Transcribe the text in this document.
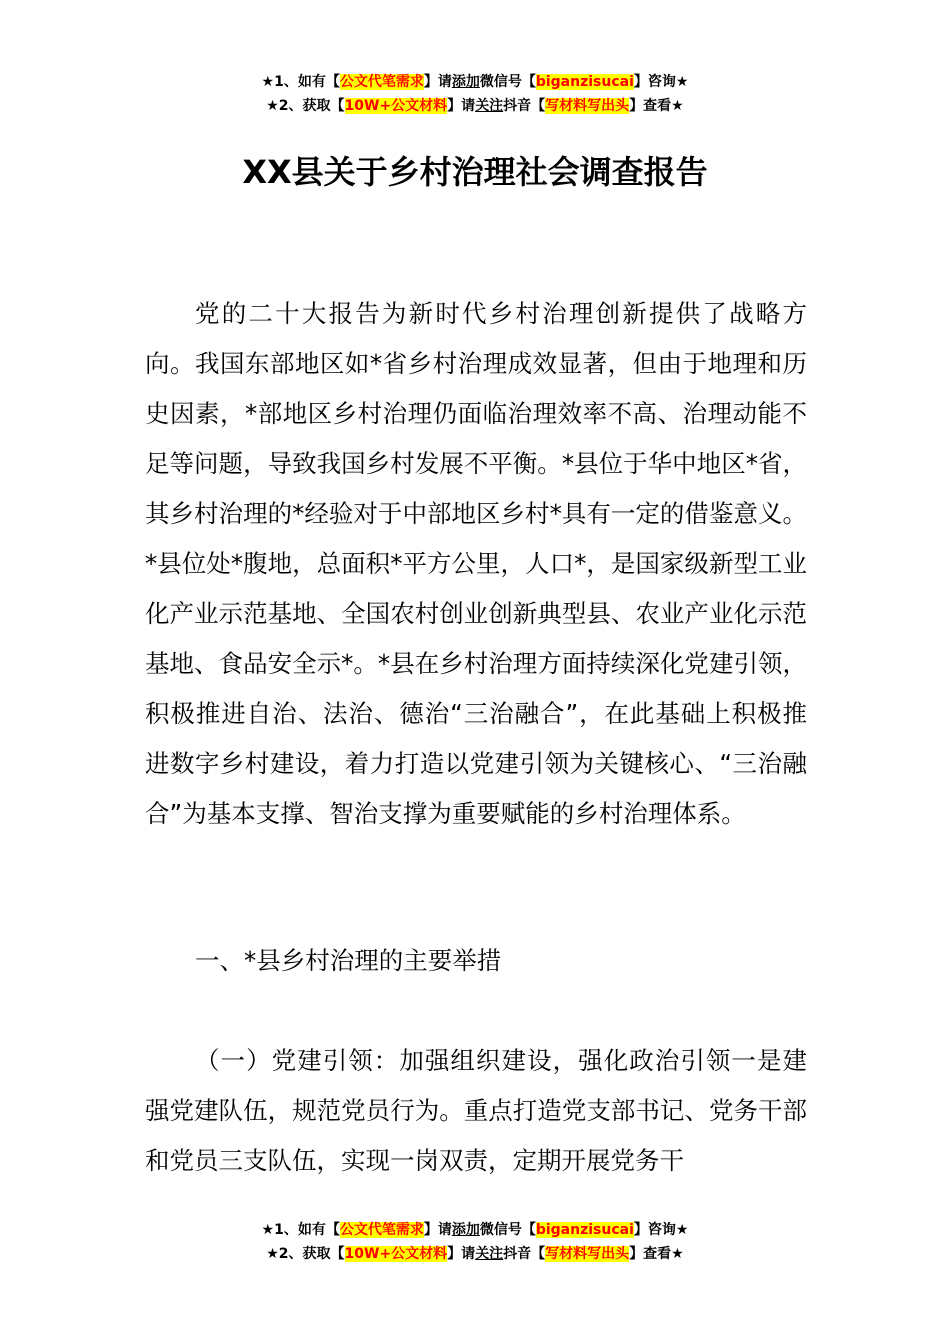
★1、如有【公文代笔需求】请添加微信号【biganzisucai】咨询★
★2、获取【10W+公文材料】请关注抖音【写材料写出头】查看★
XX县关于乡村治理社会调查报告

党的二十大报告为新时代乡村治理创新提供了战略方向。我国东部地区如*省乡村治理成效显著，但由于地理和历史因素，*部地区乡村治理仍面临治理效率不高、治理动能不足等问题，导致我国乡村发展不平衡。*县位于华中地区*省，其乡村治理的*经验对于中部地区乡村*具有一定的借鉴意义。*县位处*腹地，总面积*平方公里，人口*，是国家级新型工业化产业示范基地、全国农村创业创新典型县、农业产业化示范基地、食品安全示*。*县在乡村治理方面持续深化党建引领，积极推进自治、法治、德治“三治融合”，在此基础上积极推进数字乡村建设，着力打造以党建引领为关键核心、“三治融合”为基本支撑、智治支撑为重要赋能的乡村治理体系。

一、*县乡村治理的主要举措

（一）党建引领：加强组织建设，强化政治引领一是建强党建队伍，规范党员行为。重点打造党支部书记、党务干部和党员三支队伍，实现一岗双责，定期开展党务干

★1、如有【公文代笔需求】请添加微信号【biganzisucai】咨询★
★2、获取【10W+公文材料】请关注抖音【写材料写出头】查看★
